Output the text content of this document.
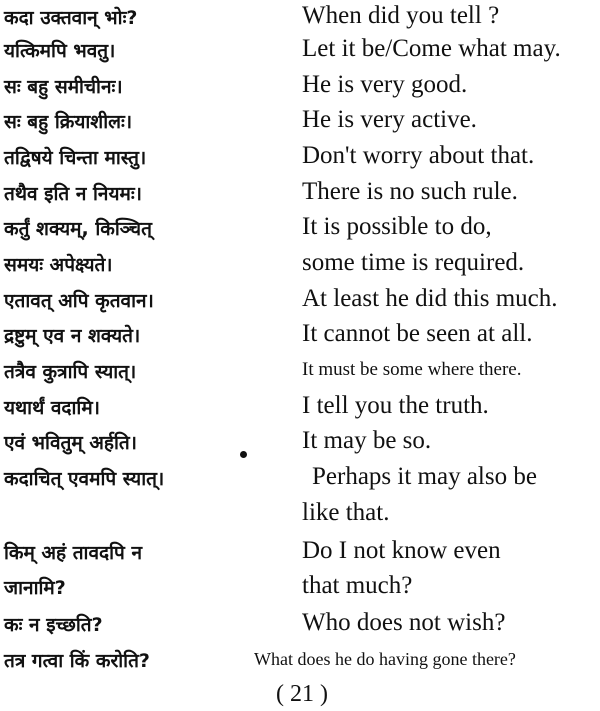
कदा उक्तवान् भोः?	When did you tell ?
यत्किमपि भवतु।	Let it be/Come what may.
सः बहु समीचीनः।	He is very good.
सः बहु क्रियाशीलः।	He is very active.
तद्विषये चिन्ता मास्तु।	Don't worry about that.
तथैव इति न नियमः।	There is no such rule.
कर्तुं शक्यम्, किञ्चित्	It is possible to do,
समयः अपेक्ष्यते।	some time is required.
एतावत् अपि कृतवान।	At least he did this much.
द्रष्टुम् एव न शक्यते।	It cannot be seen at all.
तत्रैव कुत्रापि स्यात्।	It must be some where there.
यथार्थं वदामि।	I tell you the truth.
एवं भवितुम् अर्हति।	It may be so.
कदाचित् एवमपि स्यात्।	Perhaps it may also be
like that.
किम् अहं तावदपि न	Do I not know even
जानामि?	that much?
कः न इच्छति?	Who does not wish?
तत्र गत्वा किं करोति?	What does he do having gone there?
( 21 )
